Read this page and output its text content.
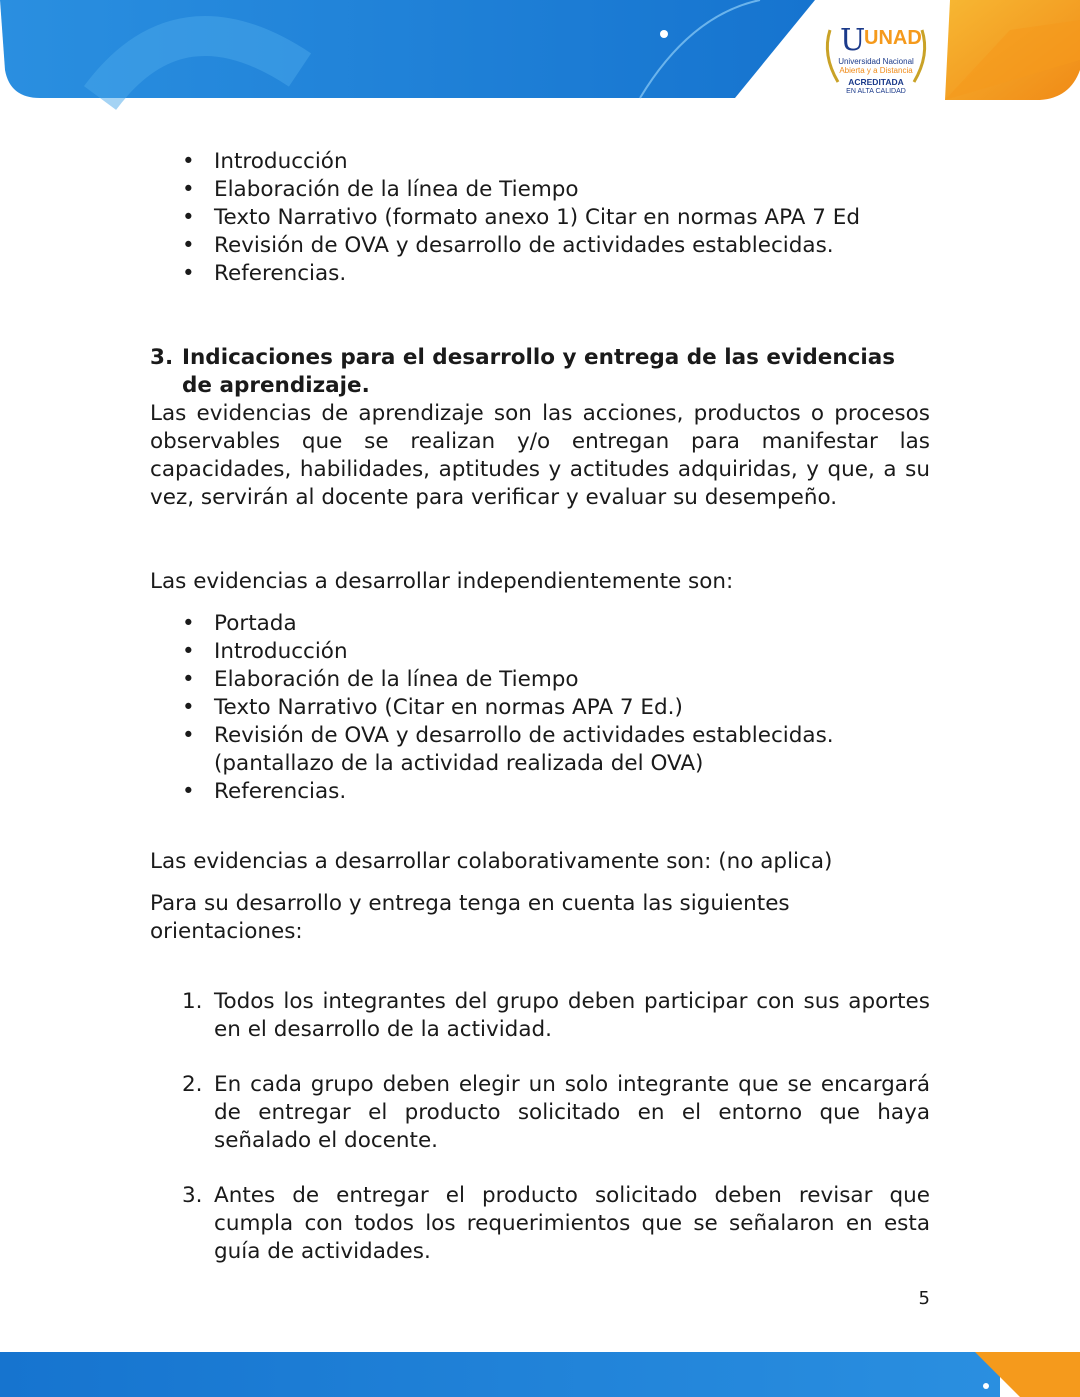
U
UNAD
Universidad Nacional
Abierta y a Distancia
ACREDITADA
EN ALTA CALIDAD
• Introducción
• Elaboración de la línea de Tiempo
• Texto Narrativo (formato anexo 1) Citar en normas APA 7 Ed
• Revisión de OVA y desarrollo de actividades establecidas.
• Referencias.
3. Indicaciones para el desarrollo y entrega de las evidencias de aprendizaje.

Las evidencias de aprendizaje son las acciones, productos o procesos observables que se realizan y/o entregan para manifestar las capacidades, habilidades, aptitudes y actitudes adquiridas, y que, a su vez, servirán al docente para verificar y evaluar su desempeño.

Las evidencias a desarrollar independientemente son:

• Portada
• Introducción
• Elaboración de la línea de Tiempo
• Texto Narrativo (Citar en normas APA 7 Ed.)
• Revisión de OVA y desarrollo de actividades establecidas.(pantallazo de la actividad realizada del OVA)
• Referencias.

Las evidencias a desarrollar colaborativamente son: (no aplica)

Para su desarrollo y entrega tenga en cuenta las siguientes orientaciones:

1. Todos los integrantes del grupo deben participar con sus aportes en el desarrollo de la actividad.
2. En cada grupo deben elegir un solo integrante que se encargará de entregar el producto solicitado en el entorno que haya señalado el docente.
3. Antes de entregar el producto solicitado deben revisar que cumpla con todos los requerimientos que se señalaron en esta guía de actividades.
5
